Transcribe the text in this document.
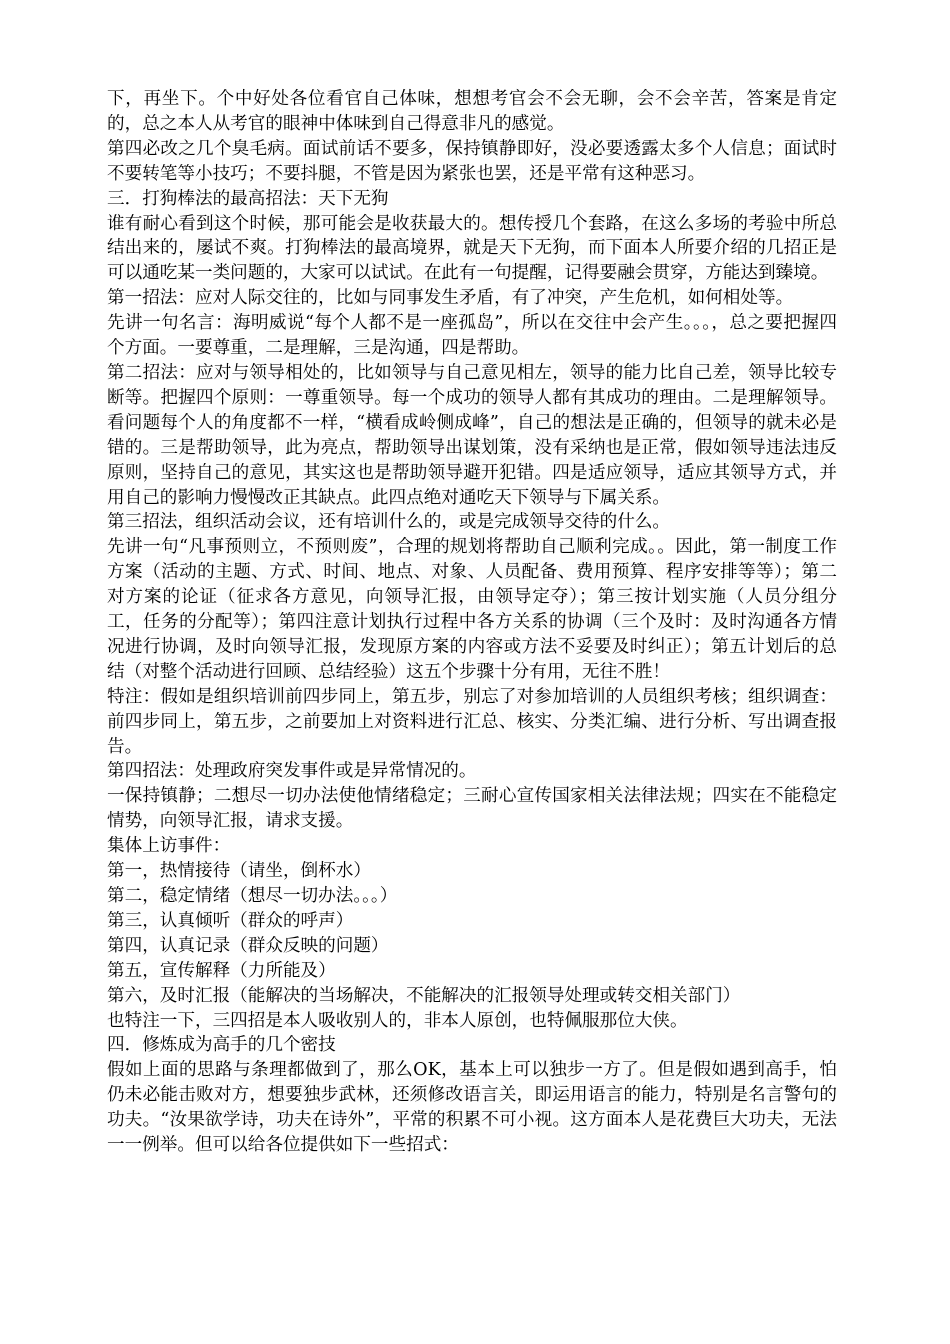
下，再坐下。个中好处各位看官自己体味，想想考官会不会无聊，会不会辛苦，答案是肯定的，总之本人从考官的眼神中体味到自己得意非凡的感觉。

第四必改之几个臭毛病。面试前话不要多，保持镇静即好，没必要透露太多个人信息；面试时不要转笔等小技巧；不要抖腿，不管是因为紧张也罢，还是平常有这种恶习。

三．打狗棒法的最高招法：天下无狗

谁有耐心看到这个时候，那可能会是收获最大的。想传授几个套路，在这么多场的考验中所总结出来的，屡试不爽。打狗棒法的最高境界，就是天下无狗，而下面本人所要介绍的几招正是可以通吃某一类问题的，大家可以试试。在此有一句提醒，记得要融会贯穿，方能达到臻境。

第一招法：应对人际交往的，比如与同事发生矛盾，有了冲突，产生危机，如何相处等。

先讲一句名言：海明威说“每个人都不是一座孤岛”，所以在交往中会产生。。。，总之要把握四个方面。一要尊重，二是理解，三是沟通，四是帮助。

第二招法：应对与领导相处的，比如领导与自己意见相左，领导的能力比自己差，领导比较专断等。把握四个原则：一尊重领导。每一个成功的领导人都有其成功的理由。二是理解领导。看问题每个人的角度都不一样，“横看成岭侧成峰”，自己的想法是正确的，但领导的就未必是错的。三是帮助领导，此为亮点，帮助领导出谋划策，没有采纳也是正常，假如领导违法违反原则，坚持自己的意见，其实这也是帮助领导避开犯错。四是适应领导，适应其领导方式，并用自己的影响力慢慢改正其缺点。此四点绝对通吃天下领导与下属关系。

第三招法，组织活动会议，还有培训什么的，或是完成领导交待的什么。

先讲一句“凡事预则立，不预则废”，合理的规划将帮助自己顺利完成。。因此，第一制度工作方案（活动的主题、方式、时间、地点、对象、人员配备、费用预算、程序安排等等）；第二对方案的论证（征求各方意见，向领导汇报，由领导定夺）；第三按计划实施（人员分组分工，任务的分配等）；第四注意计划执行过程中各方关系的协调（三个及时：及时沟通各方情况进行协调，及时向领导汇报，发现原方案的内容或方法不妥要及时纠正）；第五计划后的总结（对整个活动进行回顾、总结经验）这五个步骤十分有用，无往不胜！

特注：假如是组织培训前四步同上，第五步，别忘了对参加培训的人员组织考核；组织调查：前四步同上，第五步，之前要加上对资料进行汇总、核实、分类汇编、进行分析、写出调查报告。

第四招法：处理政府突发事件或是异常情况的。

一保持镇静；二想尽一切办法使他情绪稳定；三耐心宣传国家相关法律法规；四实在不能稳定情势，向领导汇报，请求支援。

集体上访事件：

第一，热情接待（请坐，倒杯水）

第二，稳定情绪（想尽一切办法。。。）

第三，认真倾听（群众的呼声）

第四，认真记录（群众反映的问题）

第五，宣传解释（力所能及）

第六，及时汇报（能解决的当场解决，不能解决的汇报领导处理或转交相关部门）

也特注一下，三四招是本人吸收别人的，非本人原创，也特佩服那位大侠。

四．修炼成为高手的几个密技

假如上面的思路与条理都做到了，那么OK，基本上可以独步一方了。但是假如遇到高手，怕仍未必能击败对方，想要独步武林，还须修改语言关，即运用语言的能力，特别是名言警句的功夫。“汝果欲学诗，功夫在诗外”，平常的积累不可小视。这方面本人是花费巨大功夫，无法一一例举。但可以给各位提供如下一些招式：
